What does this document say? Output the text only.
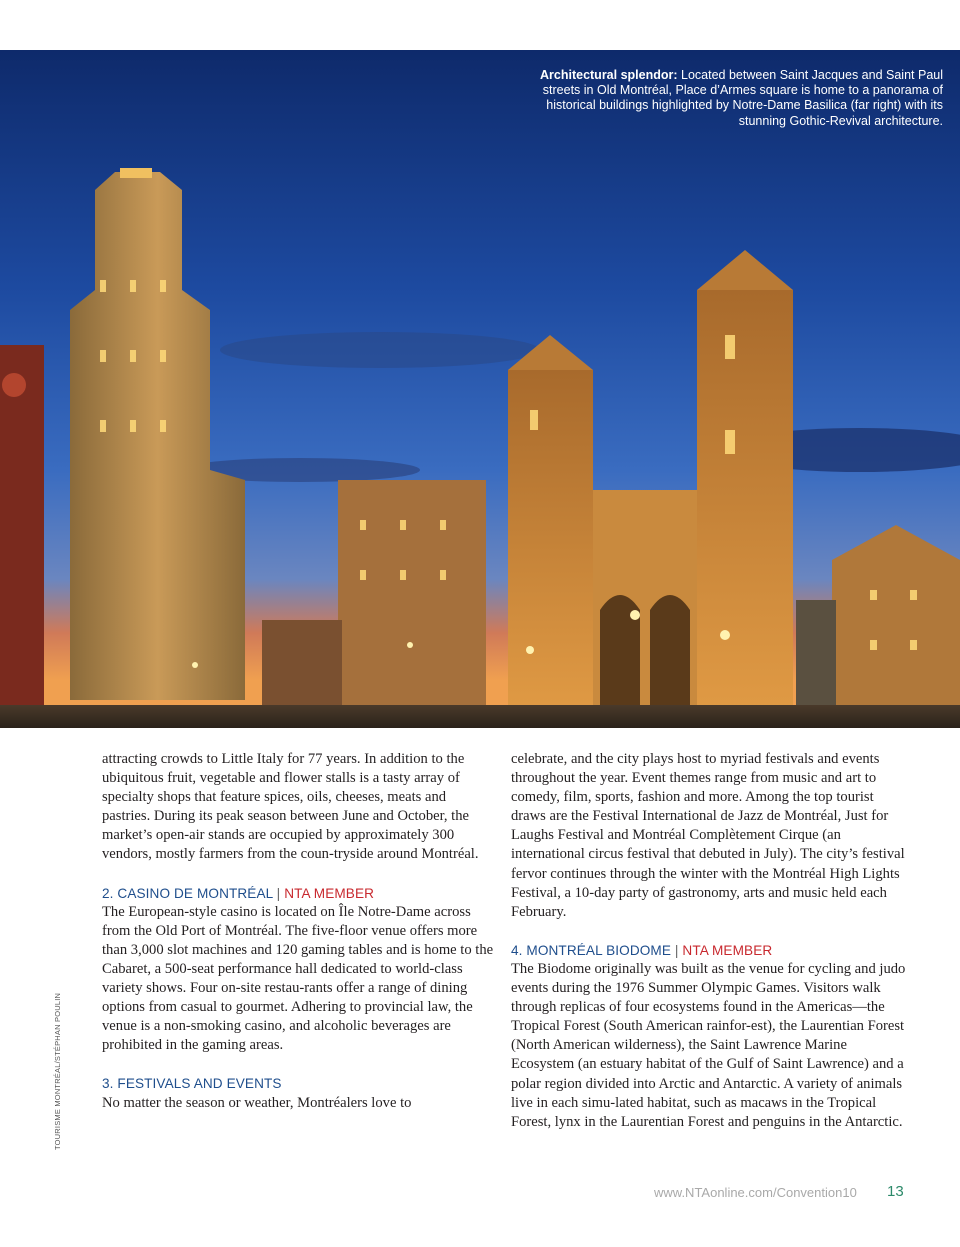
Architectural splendor: Located between Saint Jacques and Saint Paul streets in Old Montréal, Place d’Armes square is home to a panorama of historical buildings highlighted by Notre-Dame Basilica (far right) with its stunning Gothic-Revival architecture.
TOURISME MONTRÉAL/STÉPHAN POULIN

attracting crowds to Little Italy for 77 years. In addition to the ubiquitous fruit, vegetable and flower stalls is a tasty array of specialty shops that feature spices, oils, cheeses, meats and pastries. During its peak season between June and October, the market’s open-air stands are occupied by approximately 300 vendors, mostly farmers from the coun-tryside around Montréal.

2. CASINO DE MONTRÉAL | NTA MEMBER

The European-style casino is located on Île Notre-Dame across from the Old Port of Montréal. The five-floor venue offers more than 3,000 slot machines and 120 gaming tables and is home to the Cabaret, a 500-seat performance hall dedicated to world-class variety shows. Four on-site restau-rants offer a range of dining options from casual to gourmet. Adhering to provincial law, the venue is a non-smoking casino, and alcoholic beverages are prohibited in the gaming areas.

3. FESTIVALS AND EVENTS

No matter the season or weather, Montréalers love to

celebrate, and the city plays host to myriad festivals and events throughout the year. Event themes range from music and art to comedy, film, sports, fashion and more. Among the top tourist draws are the Festival International de Jazz de Montréal, Just for Laughs Festival and Montréal Complètement Cirque (an international circus festival that debuted in July). The city’s festival fervor continues through the winter with the Montréal High Lights Festival, a 10-day party of gastronomy, arts and music held each February.

4. MONTRÉAL BIODOME | NTA MEMBER

The Biodome originally was built as the venue for cycling and judo events during the 1976 Summer Olympic Games. Visitors walk through replicas of four ecosystems found in the Americas—the Tropical Forest (South American rainfor-est), the Laurentian Forest (North American wilderness), the Saint Lawrence Marine Ecosystem (an estuary habitat of the Gulf of Saint Lawrence) and a polar region divided into Arctic and Antarctic. A variety of animals live in each simu-lated habitat, such as macaws in the Tropical Forest, lynx in the Laurentian Forest and penguins in the Antarctic.

www.NTAonline.com/Convention10 13
